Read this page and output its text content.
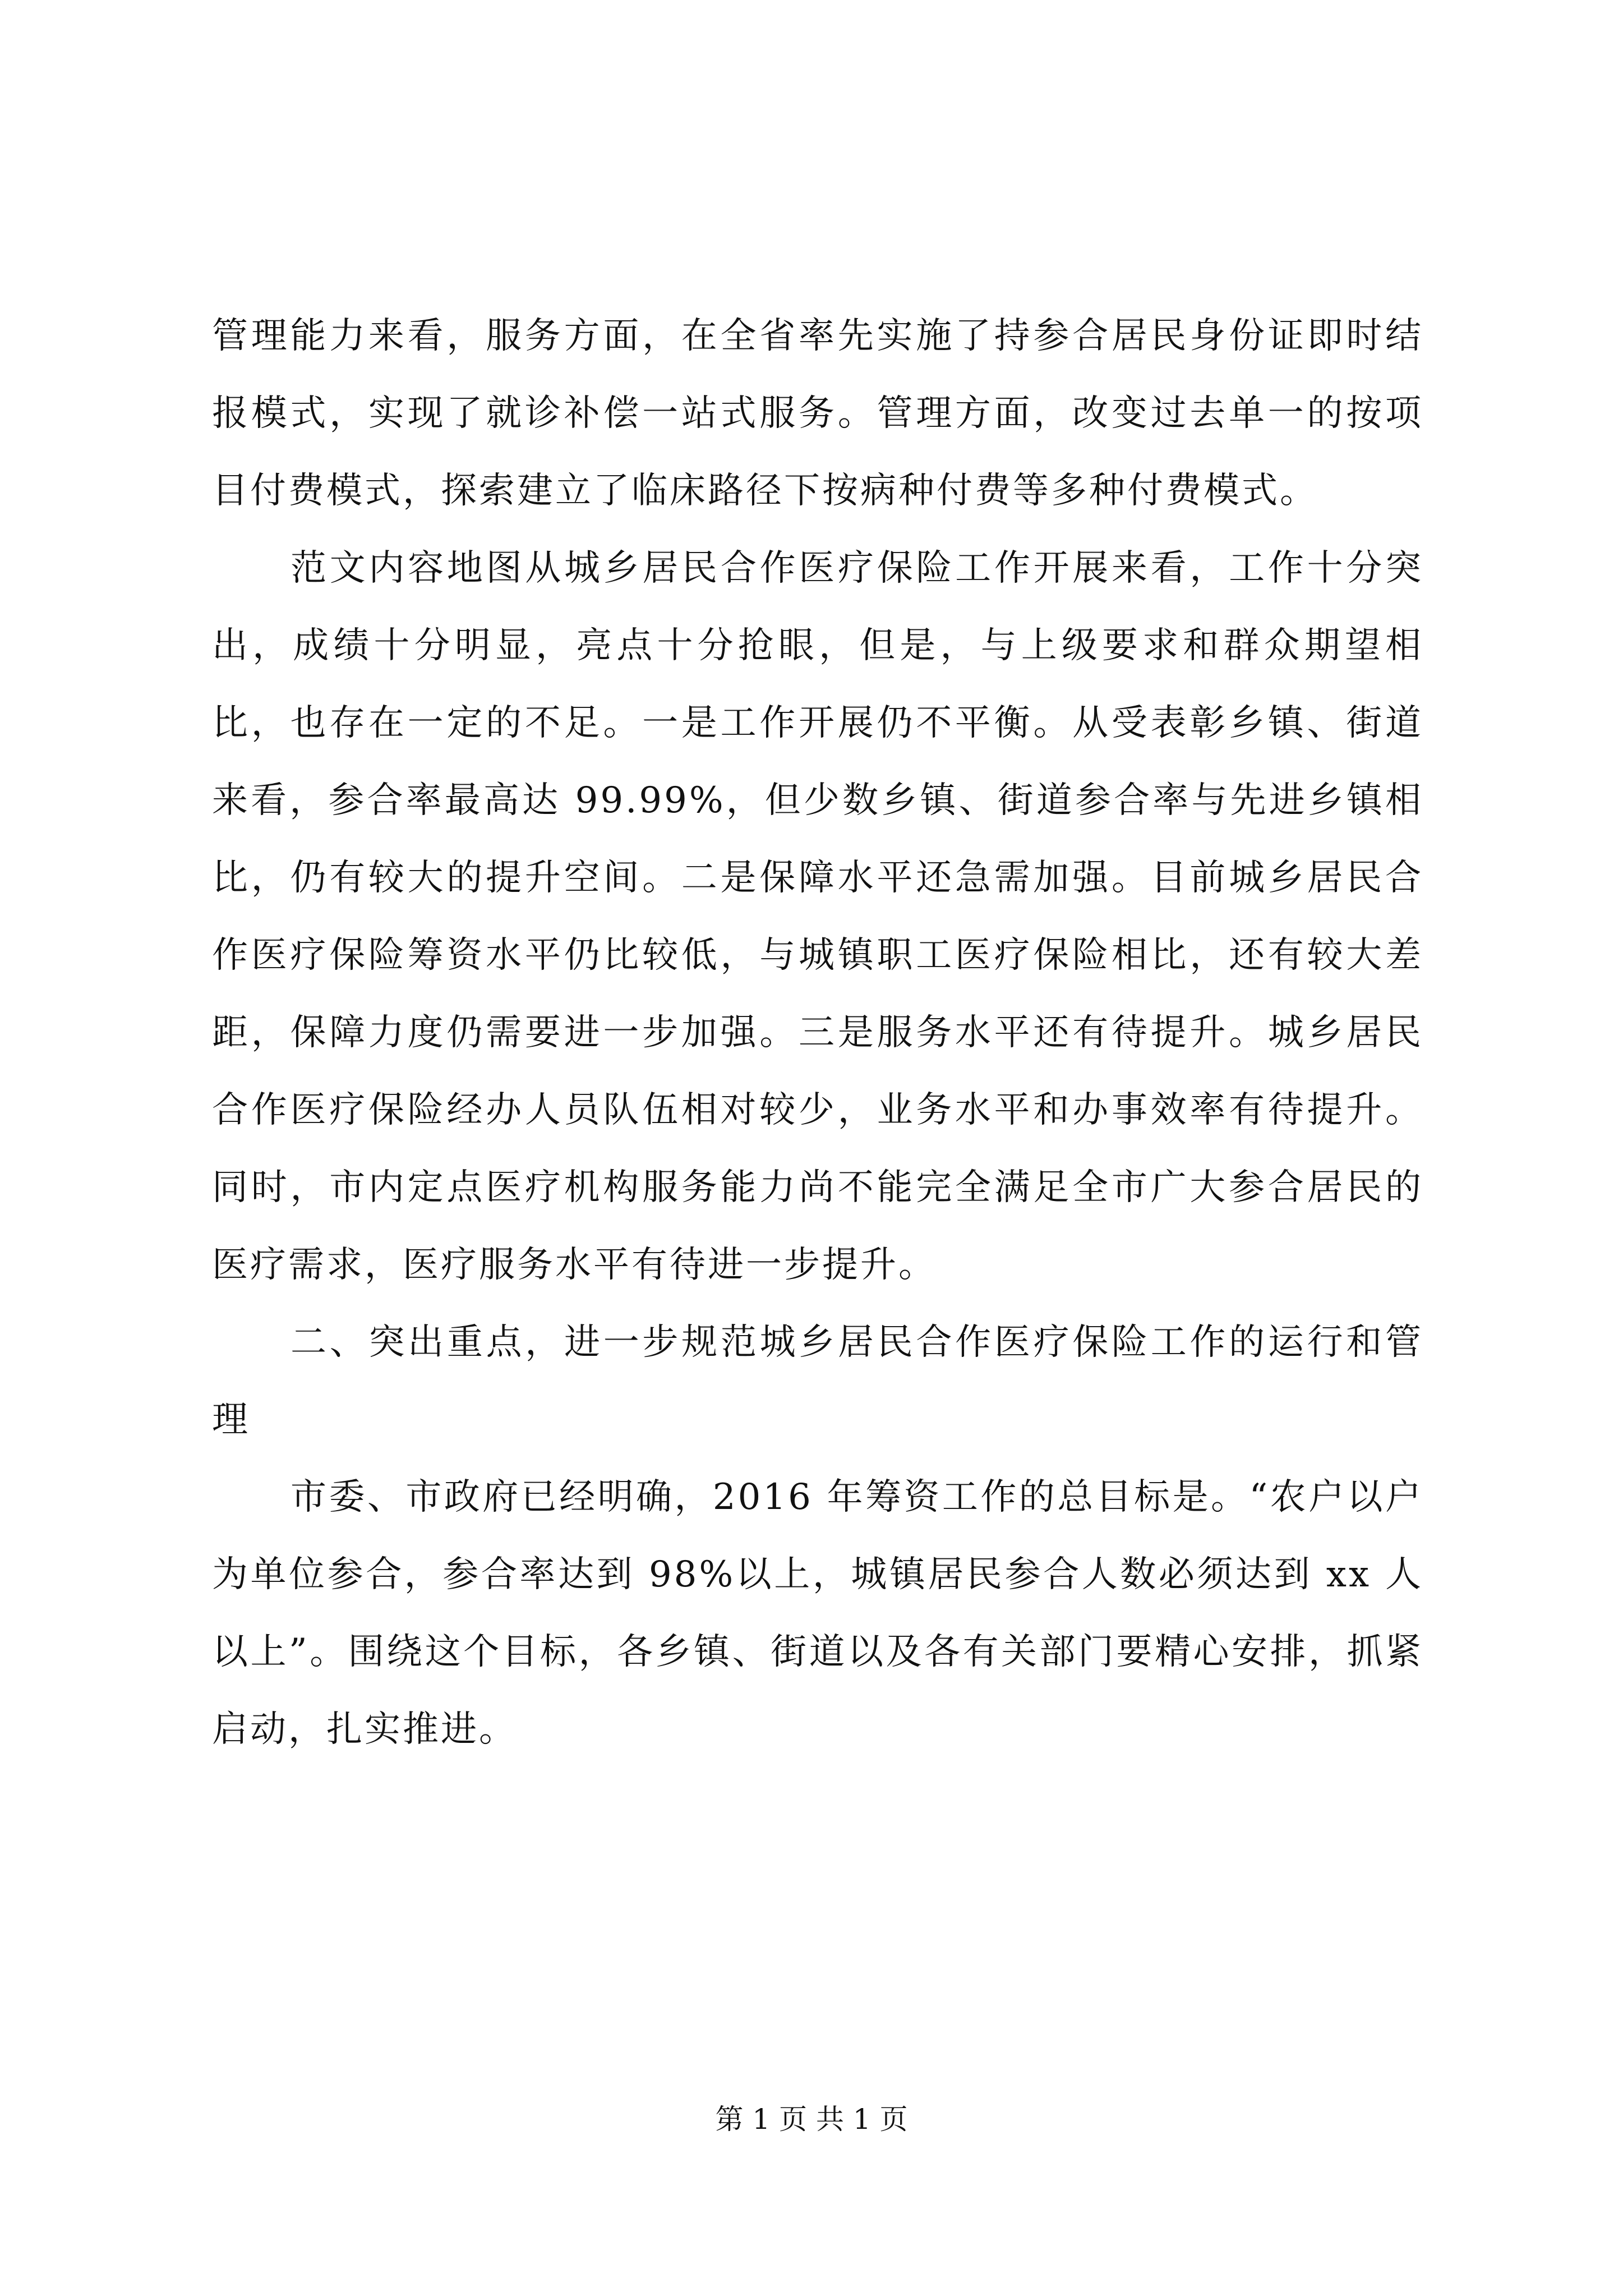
管理能力来看，服务方面，在全省率先实施了持参合居民身份证即时结报模式，实现了就诊补偿一站式服务。管理方面，改变过去单一的按项目付费模式，探索建立了临床路径下按病种付费等多种付费模式。

范文内容地图从城乡居民合作医疗保险工作开展来看，工作十分突出，成绩十分明显，亮点十分抢眼，但是，与上级要求和群众期望相比，也存在一定的不足。一是工作开展仍不平衡。从受表彰乡镇、街道来看，参合率最高达 99.99%，但少数乡镇、街道参合率与先进乡镇相比，仍有较大的提升空间。二是保障水平还急需加强。目前城乡居民合作医疗保险筹资水平仍比较低，与城镇职工医疗保险相比，还有较大差距，保障力度仍需要进一步加强。三是服务水平还有待提升。城乡居民合作医疗保险经办人员队伍相对较少，业务水平和办事效率有待提升。同时，市内定点医疗机构服务能力尚不能完全满足全市广大参合居民的医疗需求，医疗服务水平有待进一步提升。

二、突出重点，进一步规范城乡居民合作医疗保险工作的运行和管理

市委、市政府已经明确，2016 年筹资工作的总目标是。“农户以户为单位参合，参合率达到 98%以上，城镇居民参合人数必须达到 xx 人以上”。围绕这个目标，各乡镇、街道以及各有关部门要精心安排，抓紧启动，扎实推进。

第 1 页 共 1 页
